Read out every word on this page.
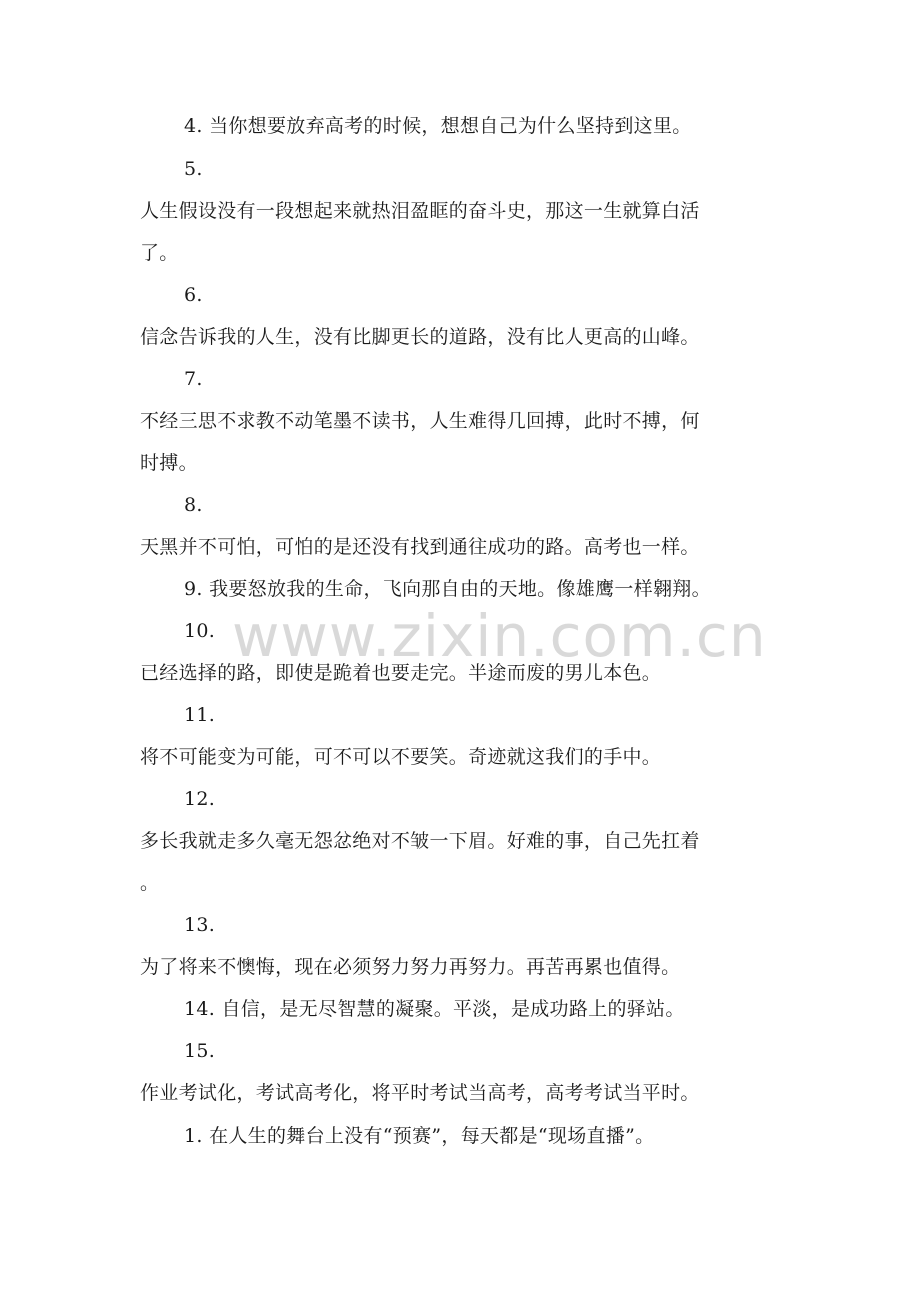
4. 当你想要放弃高考的时候，想想自己为什么坚持到这里。
5.
人生假设没有一段想起来就热泪盈眶的奋斗史，那这一生就算白活
了。
6.
信念告诉我的人生，没有比脚更长的道路，没有比人更高的山峰。
7.
不经三思不求教不动笔墨不读书，人生难得几回搏，此时不搏，何
时搏。
8.
天黑并不可怕，可怕的是还没有找到通往成功的路。高考也一样。
9. 我要怒放我的生命，飞向那自由的天地。像雄鹰一样翱翔。
10.
已经选择的路，即使是跪着也要走完。半途而废的男儿本色。
11.
将不可能变为可能，可不可以不要笑。奇迹就这我们的手中。
12.
多长我就走多久毫无怨忿绝对不皱一下眉。好难的事，自己先扛着
。
13.
为了将来不懊悔，现在必须努力努力再努力。再苦再累也值得。
14. 自信，是无尽智慧的凝聚。平淡，是成功路上的驿站。
15.
作业考试化，考试高考化，将平时考试当高考，高考考试当平时。
1. 在人生的舞台上没有“预赛”，每天都是“现场直播”。
www.zixin.com.cn
